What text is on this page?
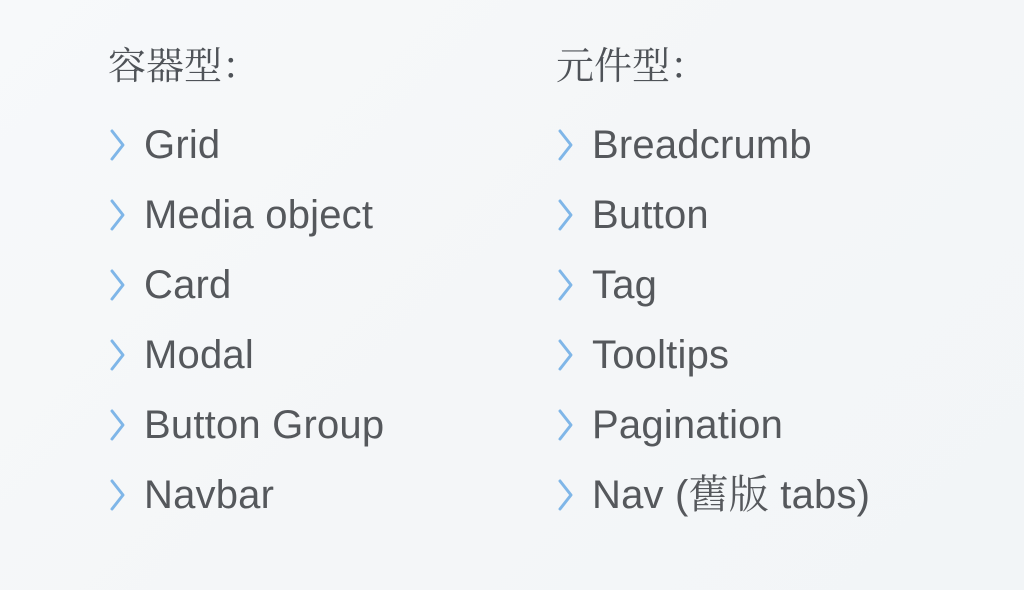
容器型：
Grid
Media object
Card
Modal
Button Group
Navbar
元件型：
Breadcrumb
Button
Tag
Tooltips
Pagination
Nav (舊版 tabs)
